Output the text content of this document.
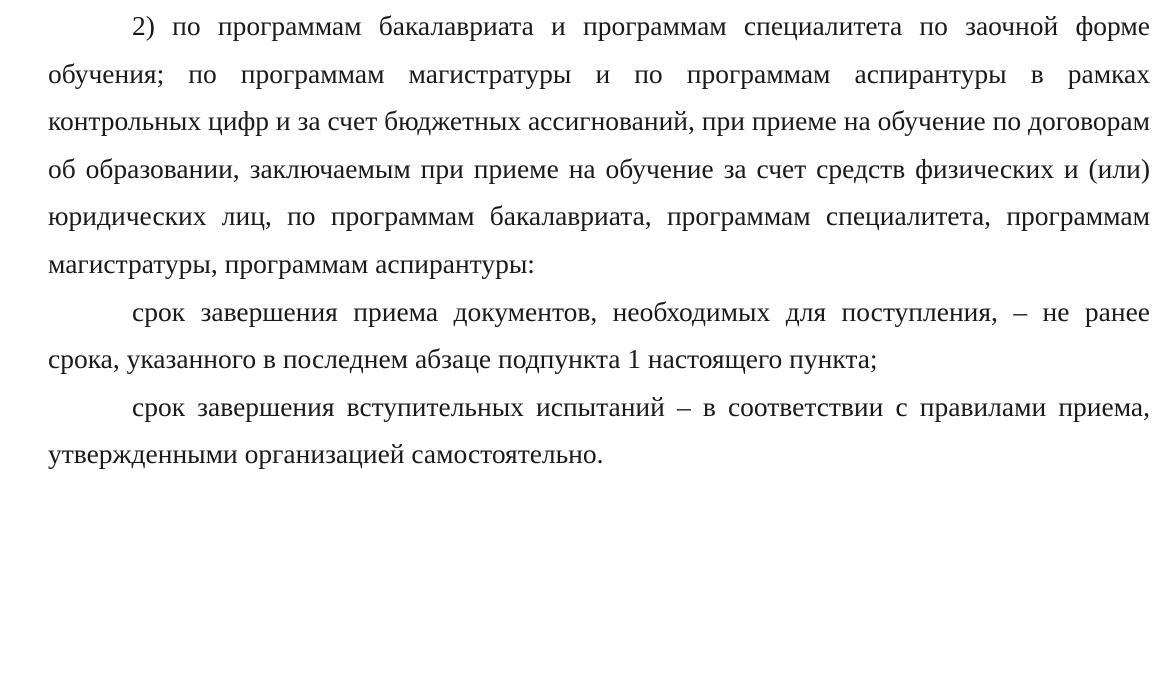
2) по программам бакалавриата и программам специалитета по заочной форме обучения; по программам магистратуры и по программам аспирантуры в рамках контрольных цифр и за счет бюджетных ассигнований, при приеме на обучение по договорам об образовании, заключаемым при приеме на обучение за счет средств физических и (или) юридических лиц, по программам бакалавриата, программам специалитета, программам магистратуры, программам аспирантуры:

срок завершения приема документов, необходимых для поступления, – не ранее срока, указанного в последнем абзаце подпункта 1 настоящего пункта;

срок завершения вступительных испытаний – в соответствии с правилами приема, утвержденными организацией самостоятельно.
